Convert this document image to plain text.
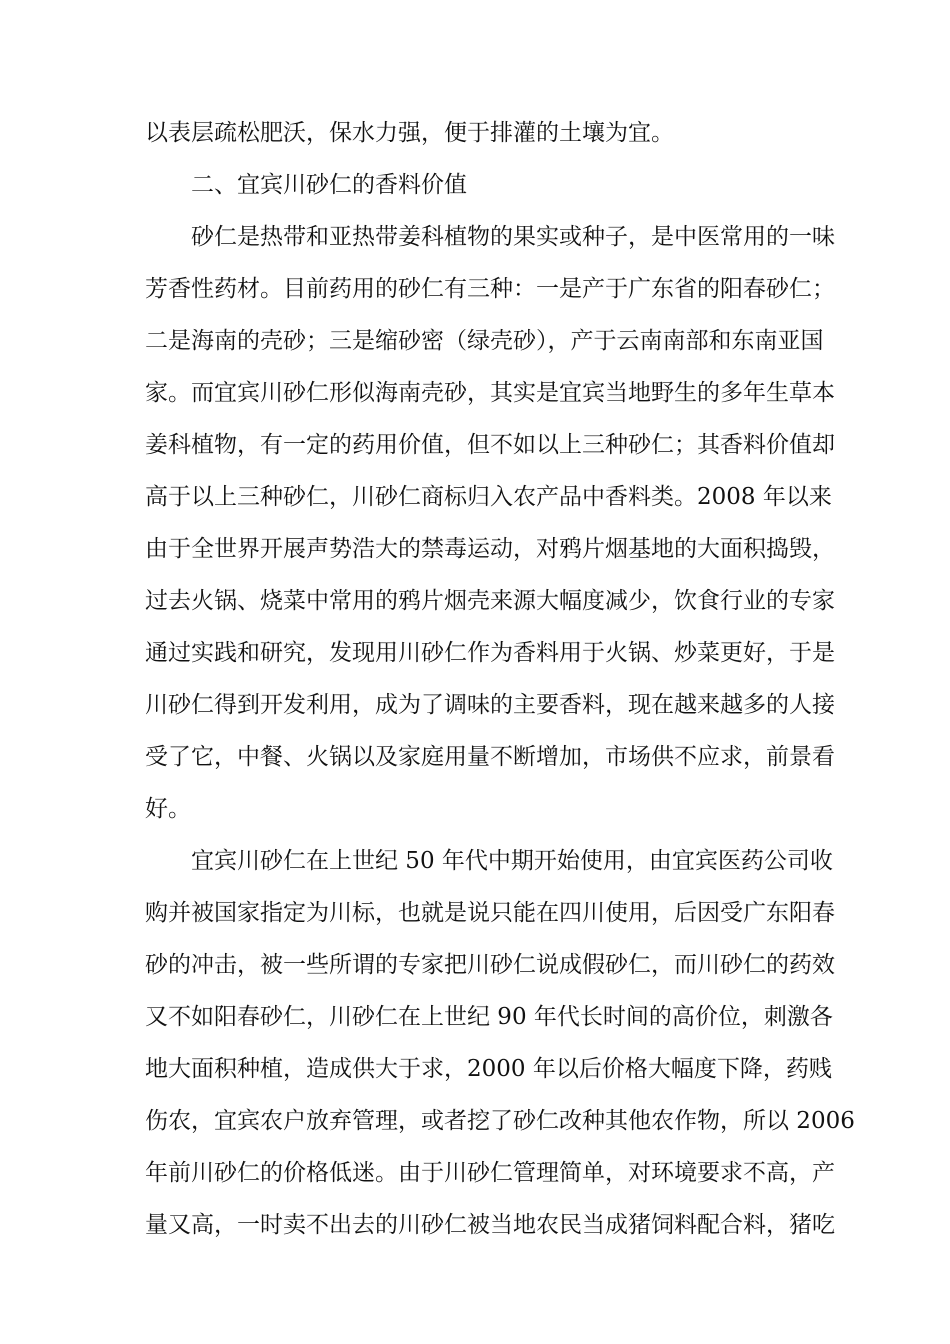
以表层疏松肥沃，保水力强，便于排灌的土壤为宜。

二、宜宾川砂仁的香料价值

砂仁是热带和亚热带姜科植物的果实或种子，是中医常用的一味

芳香性药材。目前药用的砂仁有三种：一是产于广东省的阳春砂仁；

二是海南的壳砂；三是缩砂密（绿壳砂），产于云南南部和东南亚国

家。而宜宾川砂仁形似海南壳砂，其实是宜宾当地野生的多年生草本

姜科植物，有一定的药用价值，但不如以上三种砂仁；其香料价值却

高于以上三种砂仁，川砂仁商标归入农产品中香料类。2008 年以来

由于全世界开展声势浩大的禁毒运动，对鸦片烟基地的大面积捣毁，

过去火锅、烧菜中常用的鸦片烟壳来源大幅度减少，饮食行业的专家

通过实践和研究，发现用川砂仁作为香料用于火锅、炒菜更好，于是

川砂仁得到开发利用，成为了调味的主要香料，现在越来越多的人接

受了它，中餐、火锅以及家庭用量不断增加，市场供不应求，前景看

好。

宜宾川砂仁在上世纪 50 年代中期开始使用，由宜宾医药公司收

购并被国家指定为川标，也就是说只能在四川使用，后因受广东阳春

砂的冲击，被一些所谓的专家把川砂仁说成假砂仁，而川砂仁的药效

又不如阳春砂仁，川砂仁在上世纪 90 年代长时间的高价位，刺激各

地大面积种植，造成供大于求，2000 年以后价格大幅度下降，药贱

伤农，宜宾农户放弃管理，或者挖了砂仁改种其他农作物，所以 2006

年前川砂仁的价格低迷。由于川砂仁管理简单，对环境要求不高，产

量又高，一时卖不出去的川砂仁被当地农民当成猪饲料配合料，猪吃
